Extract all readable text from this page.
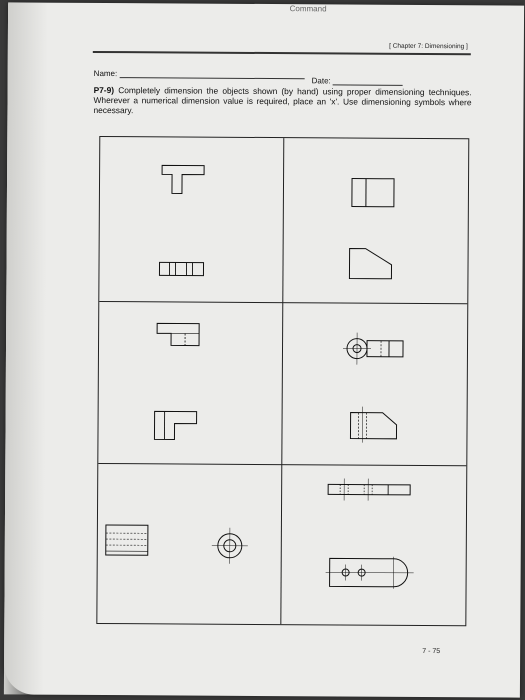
Command
[ Chapter 7: Dimensioning ]
Name:
Date:
P7-9) Completely dimension the objects shown (by hand) using proper dimensioning techniques. Wherever a numerical dimension value is required, place an 'x'. Use dimensioning symbols where necessary.
7 - 75
